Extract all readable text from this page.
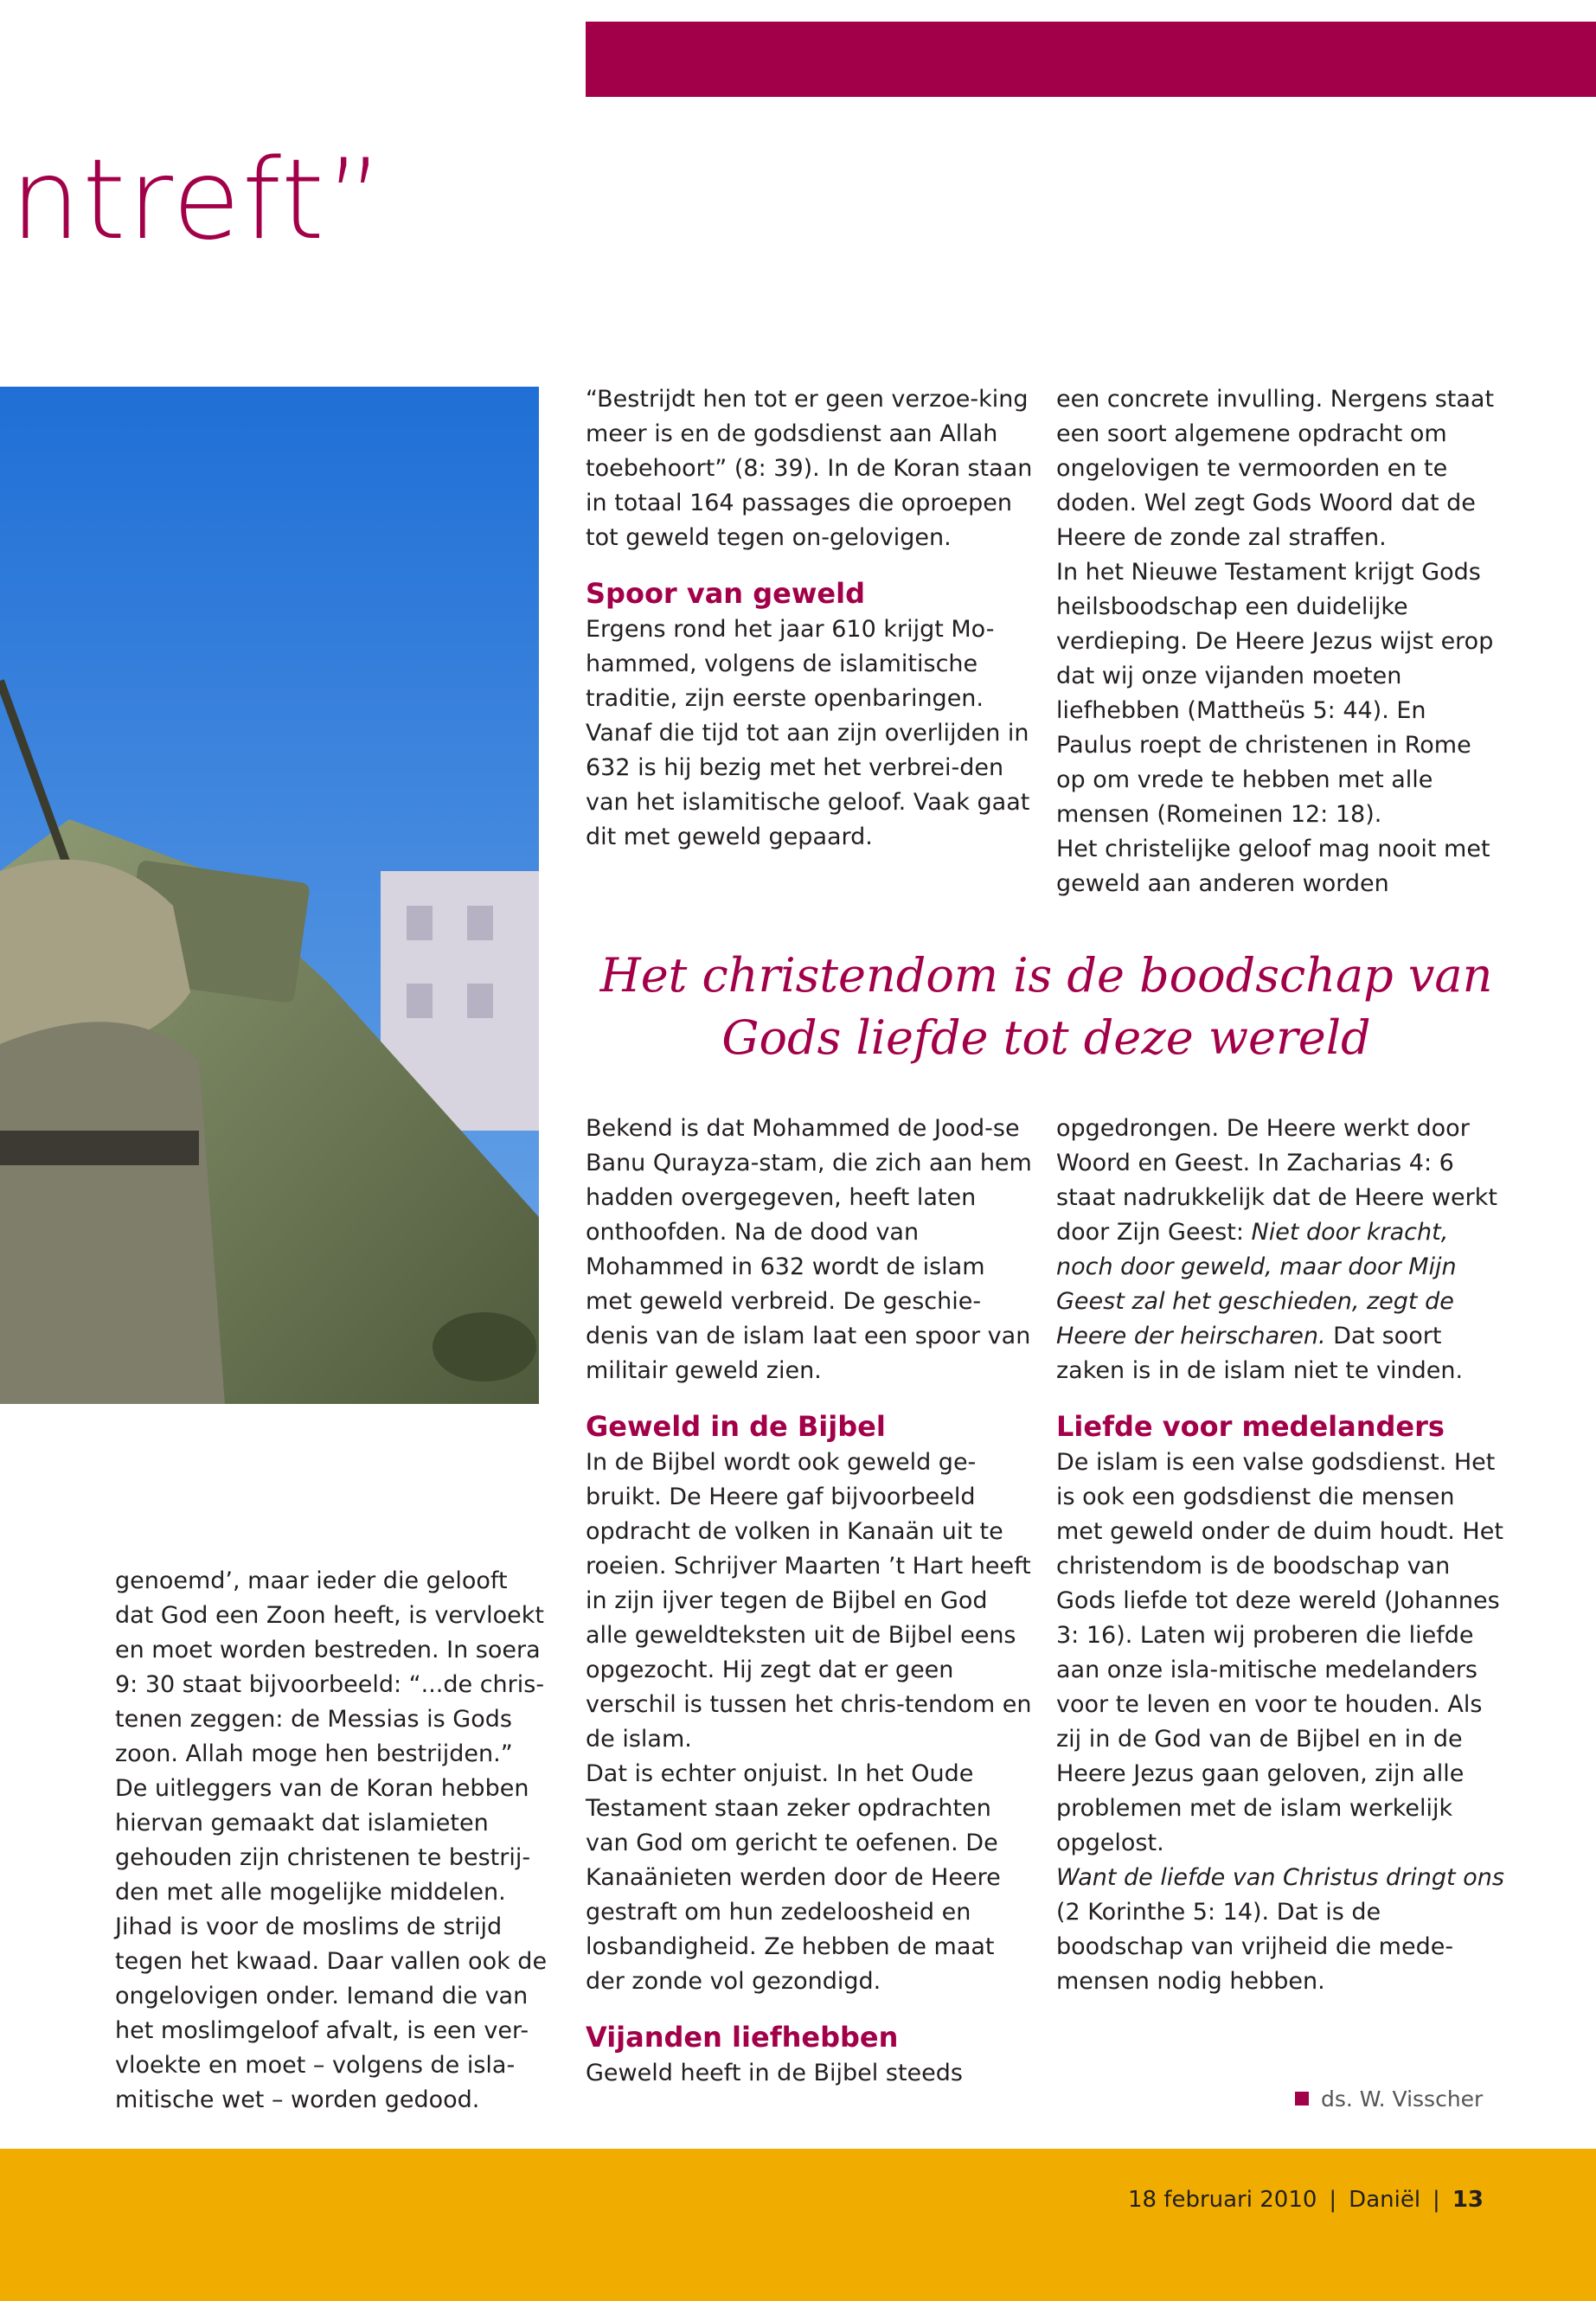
ntreft”

“Bestrijdt hen tot er geen verzoe-king meer is en de godsdienst aan Allah toebehoort” (8: 39). In de Koran staan in totaal 164 passages die oproepen tot geweld tegen on-gelovigen.

Spoor van geweld

Ergens rond het jaar 610 krijgt Mo-hammed, volgens de islamitische traditie, zijn eerste openbaringen. Vanaf die tijd tot aan zijn overlijden in 632 is hij bezig met het verbrei-den van het islamitische geloof. Vaak gaat dit met geweld gepaard.

een concrete invulling. Nergens staat een soort algemene opdracht om ongelovigen te vermoorden en te doden. Wel zegt Gods Woord dat de Heere de zonde zal straffen.

In het Nieuwe Testament krijgt Gods heilsboodschap een duidelijke verdieping. De Heere Jezus wijst erop dat wij onze vijanden moeten liefhebben (Mattheüs 5: 44). En Paulus roept de christenen in Rome op om vrede te hebben met alle mensen (Romeinen 12: 18).

Het christelijke geloof mag nooit met geweld aan anderen worden

Het christendom is de boodschap van
Gods liefde tot deze wereld

genoemd’, maar ieder die gelooft dat God een Zoon heeft, is vervloekt en moet worden bestreden. In soera 9: 30 staat bijvoorbeeld: “...de chris-tenen zeggen: de Messias is Gods zoon. Allah moge hen bestrijden.” De uitleggers van de Koran hebben hiervan gemaakt dat islamieten gehouden zijn christenen te bestrij-den met alle mogelijke middelen. Jihad is voor de moslims de strijd tegen het kwaad. Daar vallen ook de ongelovigen onder. Iemand die van het moslimgeloof afvalt, is een ver-vloekte en moet – volgens de isla-mitische wet – worden gedood.

Bekend is dat Mohammed de Jood-se Banu Qurayza-stam, die zich aan hem hadden overgegeven, heeft laten onthoofden. Na de dood van Mohammed in 632 wordt de islam met geweld verbreid. De geschie-denis van de islam laat een spoor van militair geweld zien.

Geweld in de Bijbel

In de Bijbel wordt ook geweld ge-bruikt. De Heere gaf bijvoorbeeld opdracht de volken in Kanaän uit te roeien. Schrijver Maarten ’t Hart heeft in zijn ijver tegen de Bijbel en God alle geweldteksten uit de Bijbel eens opgezocht. Hij zegt dat er geen verschil is tussen het chris-tendom en de islam.

Dat is echter onjuist. In het Oude Testament staan zeker opdrachten van God om gericht te oefenen. De Kanaänieten werden door de Heere gestraft om hun zedeloosheid en losbandigheid. Ze hebben de maat der zonde vol gezondigd.

Vijanden liefhebben

Geweld heeft in de Bijbel steeds

opgedrongen. De Heere werkt door Woord en Geest. In Zacharias 4: 6 staat nadrukkelijk dat de Heere werkt door Zijn Geest: Niet door kracht, noch door geweld, maar door Mijn Geest zal het geschieden, zegt de Heere der heirscharen. Dat soort zaken is in de islam niet te vinden.

Liefde voor medelanders

De islam is een valse godsdienst. Het is ook een godsdienst die mensen met geweld onder de duim houdt. Het christendom is de boodschap van Gods liefde tot deze wereld (Johannes 3: 16). Laten wij proberen die liefde aan onze isla-mitische medelanders voor te leven en voor te houden. Als zij in de God van de Bijbel en in de Heere Jezus gaan geloven, zijn alle problemen met de islam werkelijk opgelost.

Want de liefde van Christus dringt ons (2 Korinthe 5: 14). Dat is de boodschap van vrijheid die mede-mensen nodig hebben.

ds. W. Visscher
18 februari 2010 | Daniël | 13
